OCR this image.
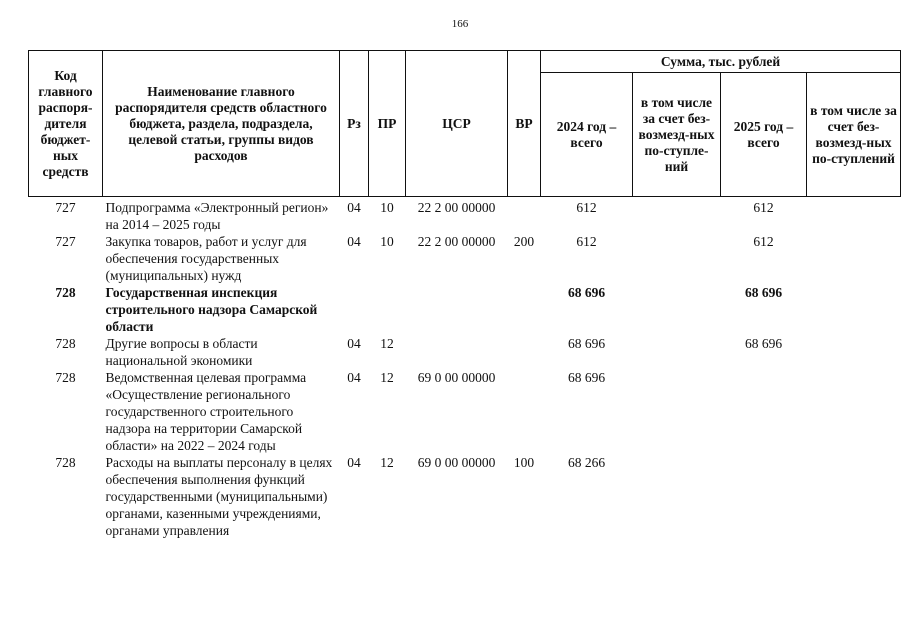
166
Код главного распоря-дителя бюджет-ных средств	Наименование главного распорядителя средств областного бюджета, раздела, подраздела, целевой статьи, группы видов расходов	Рз	ПР	ЦСР	ВР	Сумма, тыс. рублей			
						2024 год – всего	в том числе за счет без-возмезд-ных по-ступле-ний	2025 год – всего	в том числе за счет без-возмезд-ных по-ступлений
727	Подпрограмма «Электронный регион» на 2014 – 2025 годы	04	10	22 2 00 00000		612		612	
727	Закупка товаров, работ и услуг для обеспечения государственных (муниципальных) нужд	04	10	22 2 00 00000	200	612		612	
728	Государственная инспекция строительного надзора Самарской области					68 696		68 696	
728	Другие вопросы в области национальной экономики	04	12			68 696		68 696	
728	Ведомственная целевая программа «Осуществление регионального государственного строительного надзора на территории Самарской области» на 2022 – 2024 годы	04	12	69 0 00 00000		68 696			
728	Расходы на выплаты персоналу в целях обеспечения выполнения функций государственными (муниципальными) органами, казенными учреждениями, органами управления	04	12	69 0 00 00000	100	68 266			
